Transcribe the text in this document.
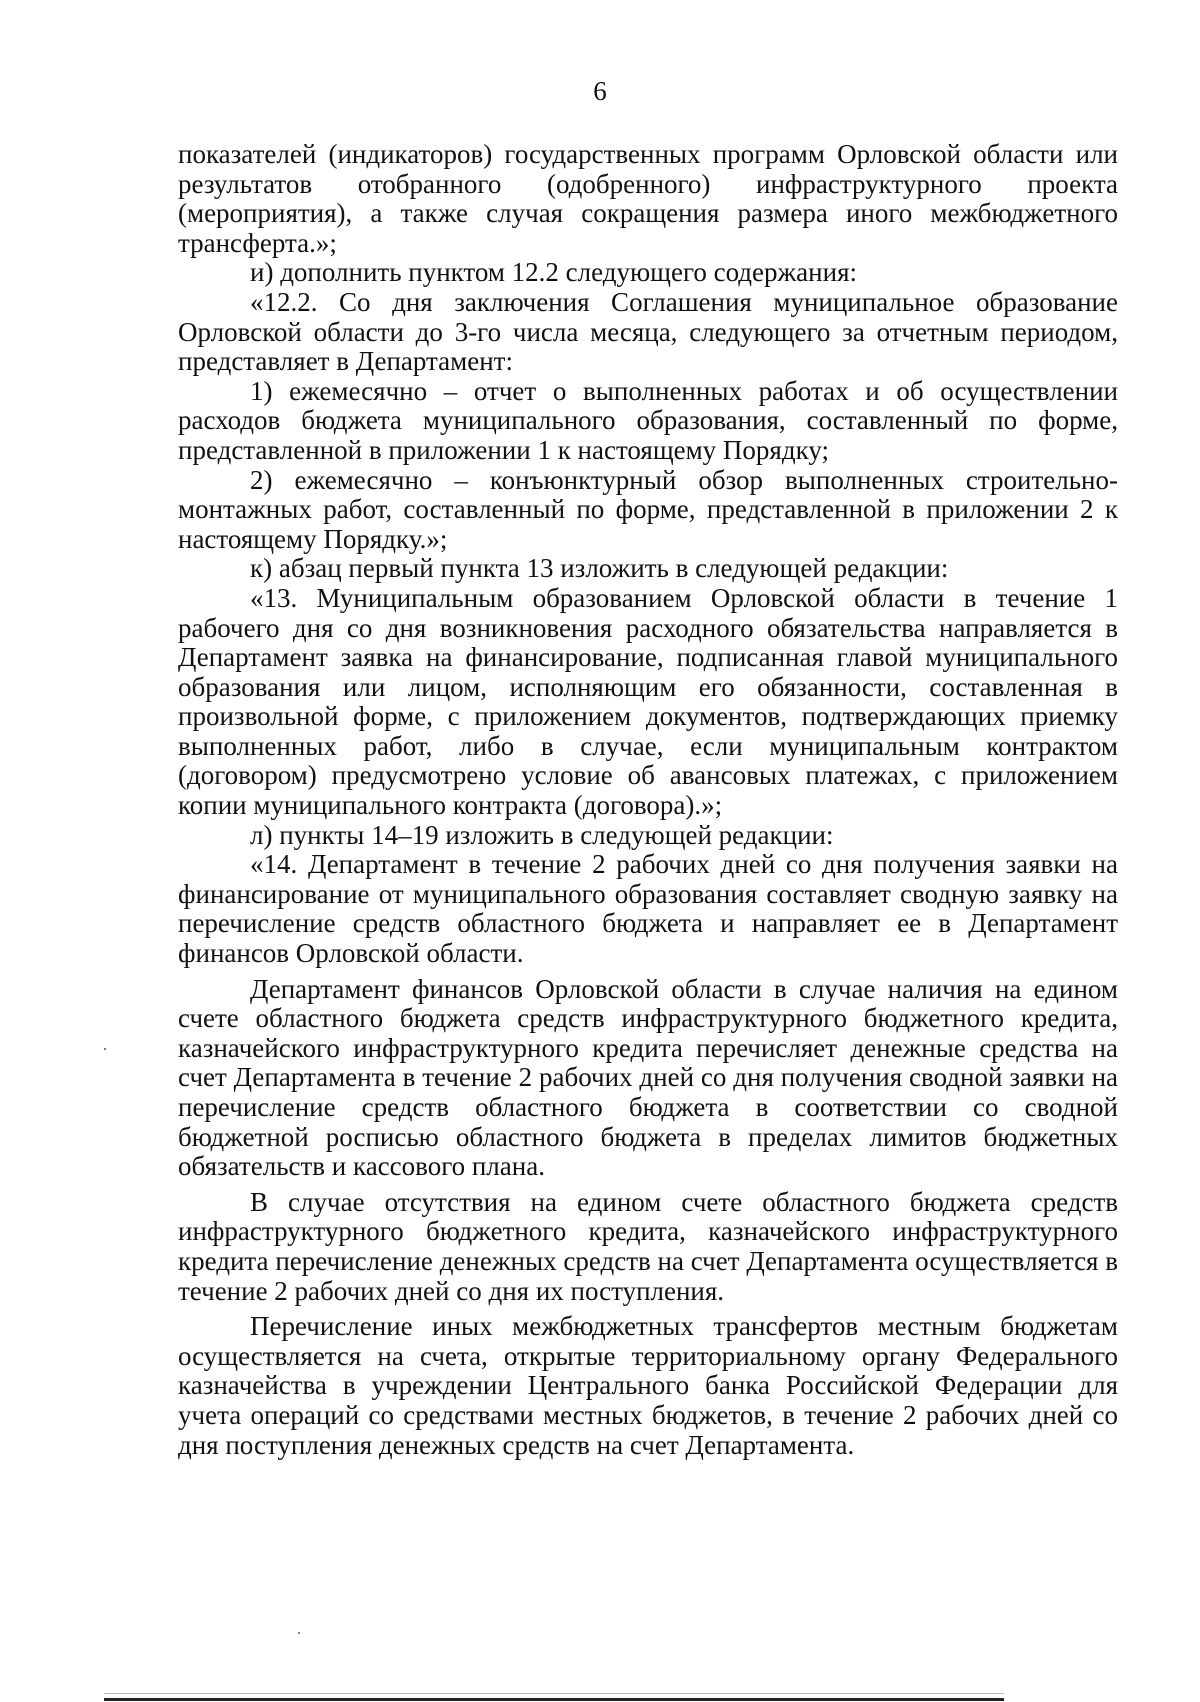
6

показателей (индикаторов) государственных программ Орловской области или результатов отобранного (одобренного) инфраструктурного проекта (мероприятия), а также случая сокращения размера иного межбюджетного трансферта.»;

и) дополнить пунктом 12.2 следующего содержания:

«12.2. Со дня заключения Соглашения муниципальное образование Орловской области до 3-го числа месяца, следующего за отчетным периодом, представляет в Департамент:

1) ежемесячно – отчет о выполненных работах и об осуществлении расходов бюджета муниципального образования, составленный по форме, представленной в приложении 1 к настоящему Порядку;

2) ежемесячно – конъюнктурный обзор выполненных строительно-монтажных работ, составленный по форме, представленной в приложении 2 к настоящему Порядку.»;

к) абзац первый пункта 13 изложить в следующей редакции:

«13. Муниципальным образованием Орловской области в течение 1 рабочего дня со дня возникновения расходного обязательства направляется в Департамент заявка на финансирование, подписанная главой муниципального образования или лицом, исполняющим его обязанности, составленная в произвольной форме, с приложением документов, подтверждающих приемку выполненных работ, либо в случае, если муниципальным контрактом (договором) предусмотрено условие об авансовых платежах, с приложением копии муниципального контракта (договора).»;

л) пункты 14–19 изложить в следующей редакции:

«14. Департамент в течение 2 рабочих дней со дня получения заявки на финансирование от муниципального образования составляет сводную заявку на перечисление средств областного бюджета и направляет ее в Департамент финансов Орловской области.

Департамент финансов Орловской области в случае наличия на едином счете областного бюджета средств инфраструктурного бюджетного кредита, казначейского инфраструктурного кредита перечисляет денежные средства на счет Департамента в течение 2 рабочих дней со дня получения сводной заявки на перечисление средств областного бюджета в соответствии со сводной бюджетной росписью областного бюджета в пределах лимитов бюджетных обязательств и кассового плана.

В случае отсутствия на едином счете областного бюджета средств инфраструктурного бюджетного кредита, казначейского инфраструктурного кредита перечисление денежных средств на счет Департамента осуществляется в течение 2 рабочих дней со дня их поступления.

Перечисление иных межбюджетных трансфертов местным бюджетам осуществляется на счета, открытые территориальному органу Федерального казначейства в учреждении Центрального банка Российской Федерации для учета операций со средствами местных бюджетов, в течение 2 рабочих дней со дня поступления денежных средств на счет Департамента.
